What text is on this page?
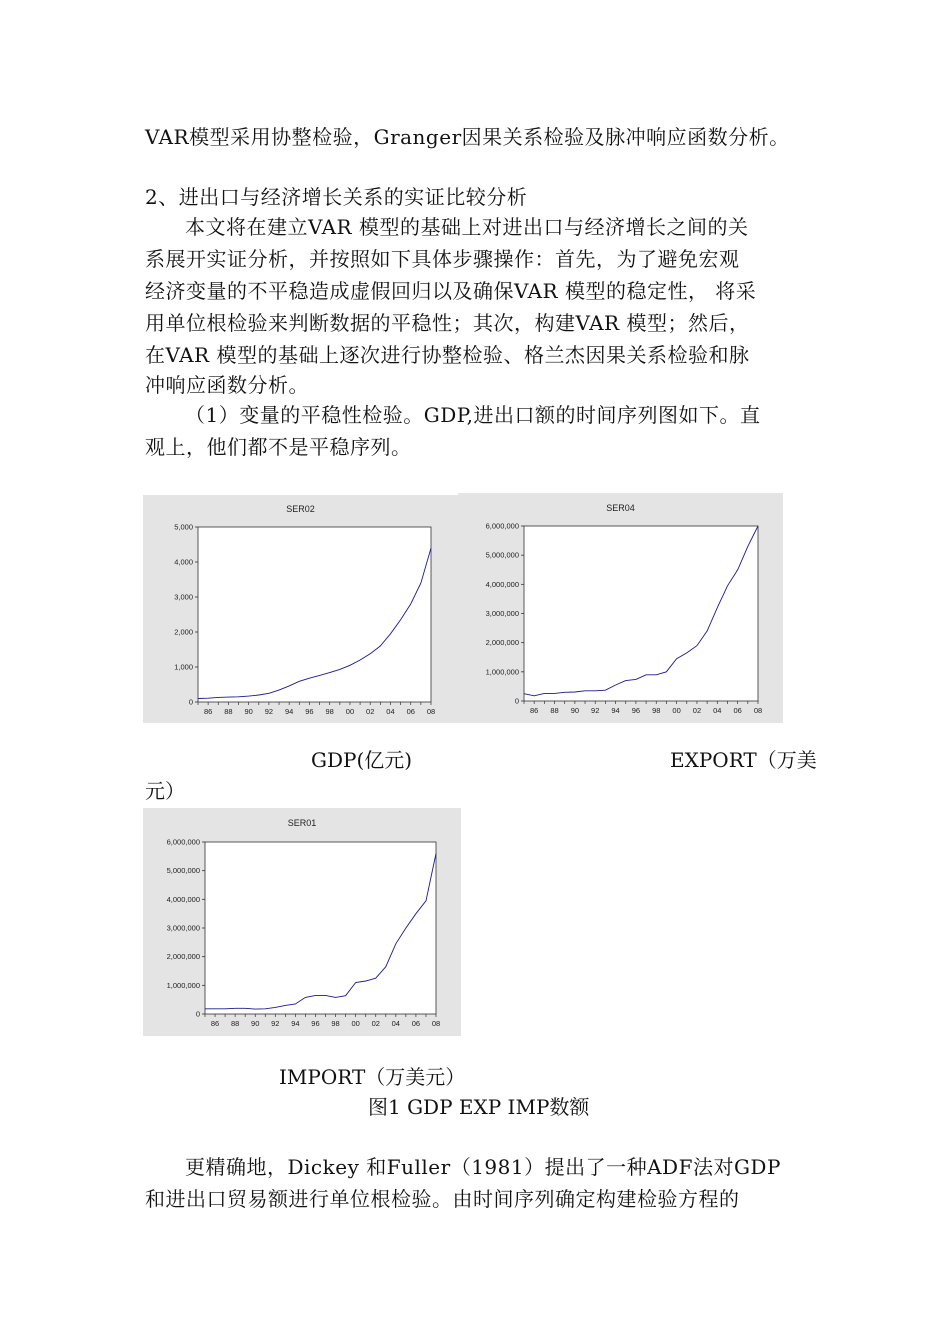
VAR模型采用协整检验，Granger因果关系检验及脉冲响应函数分析。
2、进出口与经济增长关系的实证比较分析
本文将在建立VAR 模型的基础上对进出口与经济增长之间的关
系展开实证分析，并按照如下具体步骤操作：首先，为了避免宏观
经济变量的不平稳造成虚假回归以及确保VAR 模型的稳定性， 将采
用单位根检验来判断数据的平稳性；其次，构建VAR 模型；然后，
在VAR 模型的基础上逐次进行协整检验、格兰杰因果关系检验和脉
冲响应函数分析。
（1）变量的平稳性检验。GDP,进出口额的时间序列图如下。直
观上，他们都不是平稳序列。
SER02
0
1,000
2,000
3,000
4,000
5,000
86 88 90 92 94 96 98 00 02 04 06 08
SER04
0
1,000,000
2,000,000
3,000,000
4,000,000
5,000,000
6,000,000
86 88 90 92 94 96 98 00 02 04 06 08
SER01
0
1,000,000
2,000,000
3,000,000
4,000,000
5,000,000
6,000,000
86 88 90 92 94 96 98 00 02 04 06 08
GDP(亿元)	EXPORT（万美
元）
IMPORT（万美元）
图1 GDP EXP IMP数额
更精确地，Dickey 和Fuller（1981）提出了一种ADF法对GDP
和进出口贸易额进行单位根检验。由时间序列确定构建检验方程的
